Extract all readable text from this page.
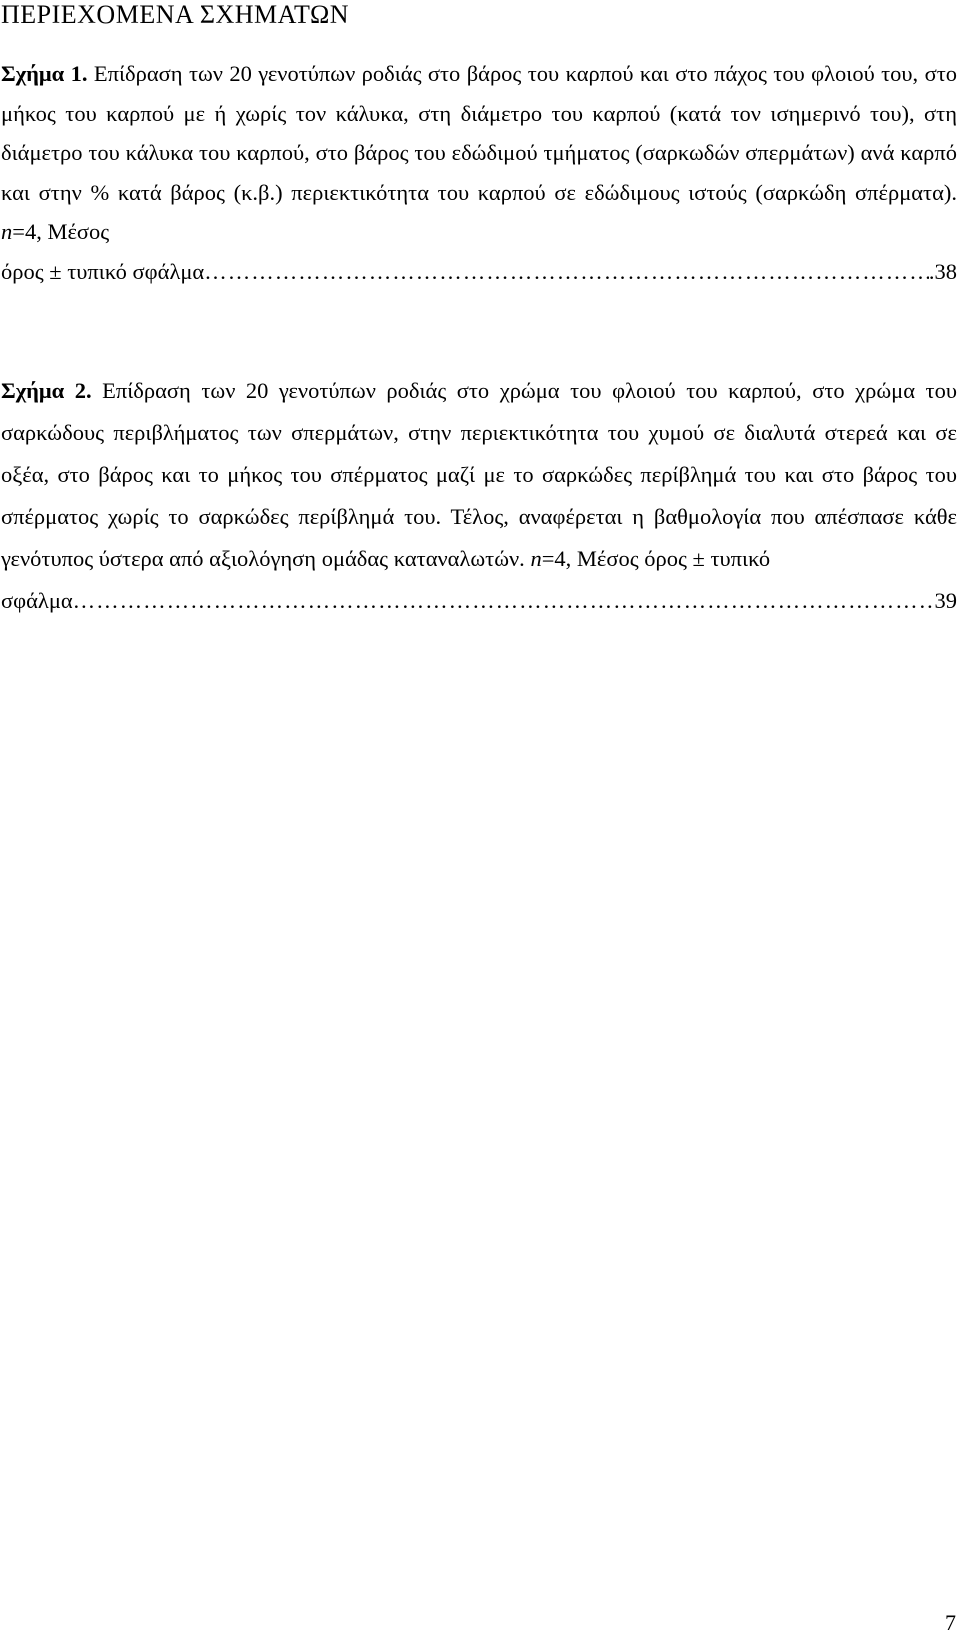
ΠΕΡΙΕΧΟΜΕΝΑ ΣΧΗΜΑΤΩΝ
Σχήμα 1. Επίδραση των 20 γενοτύπων ροδιάς στο βάρος του καρπού και στο πάχος του φλοιού του, στο μήκος του καρπού με ή χωρίς τον κάλυκα, στη διάμετρο του καρπού (κατά τον ισημερινό του), στη διάμετρο του κάλυκα του καρπού, στο βάρος του εδώδιμού τμήματος (σαρκωδών σπερμάτων) ανά καρπό και στην % κατά βάρος (κ.β.) περιεκτικότητα του καρπού σε εδώδιμους ιστούς (σαρκώδη σπέρματα). n=4, Μέσος
όρος ± τυπικό σφάλμα ……………………………………………………………………………………………………………………………………………………	.38
Σχήμα 2. Επίδραση των 20 γενοτύπων ροδιάς στο χρώμα του φλοιού του καρπού, στο χρώμα του σαρκώδους περιβλήματος των σπερμάτων, στην περιεκτικότητα του χυμού σε διαλυτά στερεά και σε οξέα, στο βάρος και το μήκος του σπέρματος μαζί με το σαρκώδες περίβλημά του και στο βάρος του σπέρματος χωρίς το σαρκώδες περίβλημά του. Τέλος, αναφέρεται η βαθμολογία που απέσπασε κάθε γενότυπος ύστερα από αξιολόγηση ομάδας καταναλωτών. n=4, Μέσος όρος ± τυπικό
σφάλμα ……………………………………………………………………………………………………………………………………………………	39
7
